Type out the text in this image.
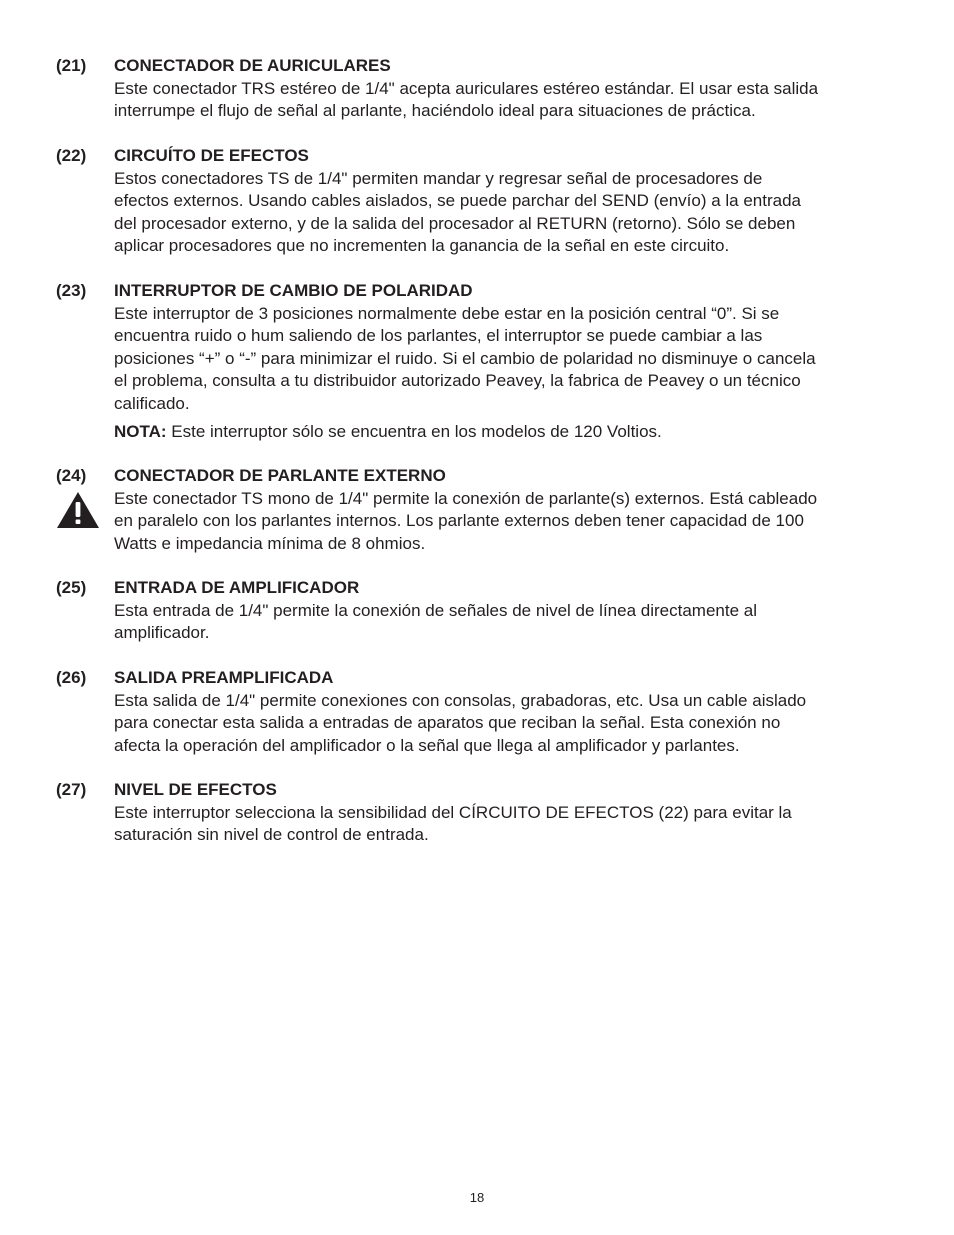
(21) CONECTADOR DE AURICULARES
Este conectador TRS estéreo de 1/4" acepta auriculares estéreo estándar. El usar esta salida
interrumpe el flujo de señal al parlante, haciéndolo ideal para situaciones de práctica.
(22) CIRCUÍTO DE EFECTOS
Estos conectadores TS de 1/4" permiten mandar y regresar señal de procesadores de
efectos externos. Usando cables aislados, se puede parchar del SEND (envío) a la entrada
del procesador externo, y de la salida del procesador al RETURN (retorno). Sólo se deben
aplicar procesadores que no incrementen la ganancia de la señal en este circuito.
(23) INTERRUPTOR DE CAMBIO DE POLARIDAD
Este interruptor de 3 posiciones normalmente debe estar en la posición central “0”. Si se
encuentra ruido o hum saliendo de los parlantes, el interruptor se puede cambiar a las
posiciones “+” o “-” para minimizar el ruido. Si el cambio de polaridad no disminuye o cancela
el problema, consulta a tu distribuidor autorizado Peavey, la fabrica de Peavey o un técnico
calificado.
NOTA: Este interruptor sólo se encuentra en los modelos de 120 Voltios.
(24) CONECTADOR DE PARLANTE EXTERNO
Este conectador TS mono de 1/4" permite la conexión de parlante(s) externos. Está cableado
en paralelo con los parlantes internos. Los parlante externos deben tener capacidad de 100
Watts e impedancia mínima de 8 ohmios.
(25) ENTRADA DE AMPLIFICADOR
Esta entrada de 1/4" permite la conexión de señales de nivel de línea directamente al
amplificador.
(26) SALIDA PREAMPLIFICADA
Esta salida de 1/4" permite conexiones con consolas, grabadoras, etc. Usa un cable aislado
para conectar esta salida a entradas de aparatos que reciban la señal. Esta conexión no
afecta la operación del amplificador o la señal que llega al amplificador y parlantes.
(27) NIVEL DE EFECTOS
Este interruptor selecciona la sensibilidad del CÍRCUITO DE EFECTOS (22) para evitar la
saturación sin nivel de control de entrada.
18
